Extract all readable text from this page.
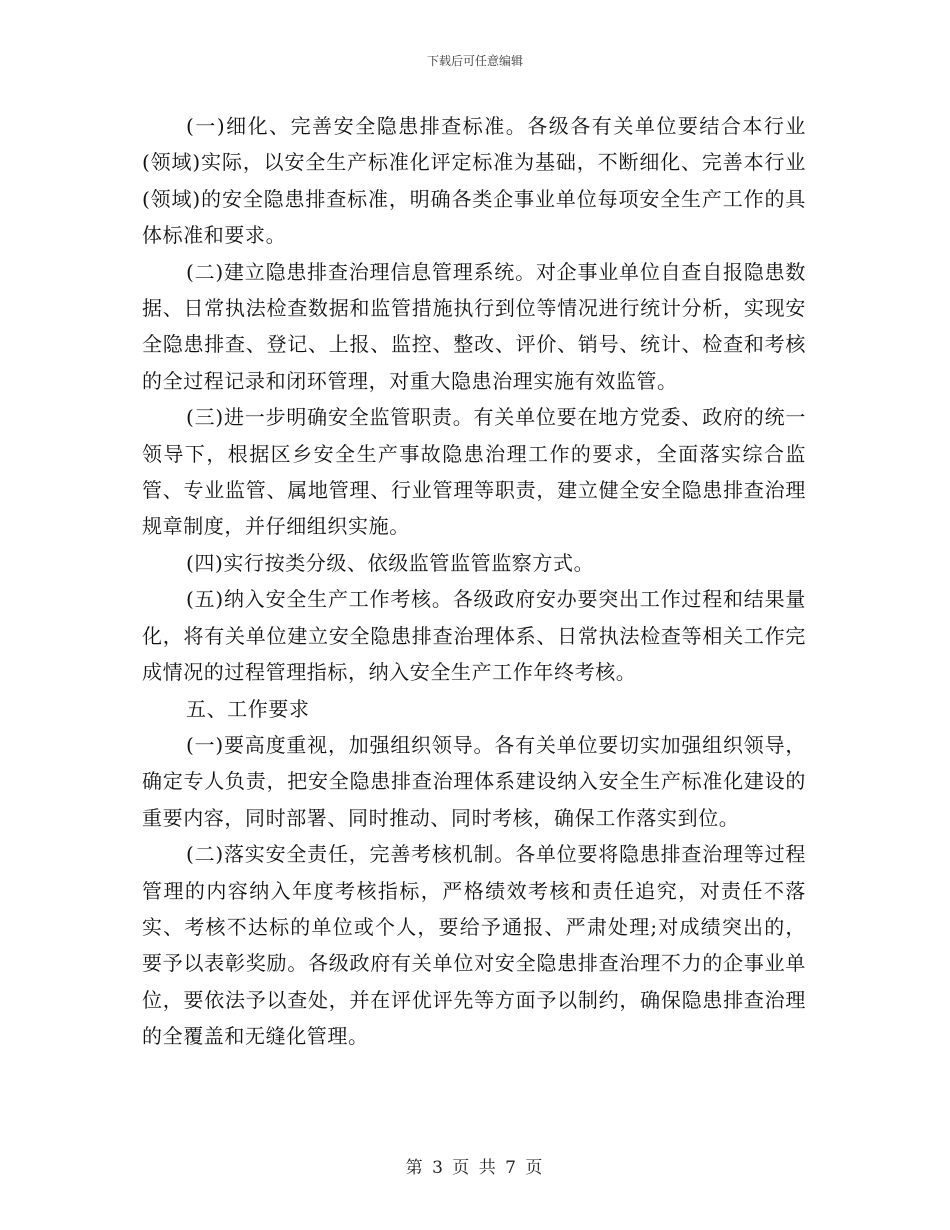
下载后可任意编辑

(一)细化、完善安全隐患排查标准。各级各有关单位要结合本行业(领域)实际，以安全生产标准化评定标准为基础，不断细化、完善本行业(领域)的安全隐患排查标准，明确各类企事业单位每项安全生产工作的具体标准和要求。

(二)建立隐患排查治理信息管理系统。对企事业单位自查自报隐患数据、日常执法检查数据和监管措施执行到位等情况进行统计分析，实现安全隐患排查、登记、上报、监控、整改、评价、销号、统计、检查和考核的全过程记录和闭环管理，对重大隐患治理实施有效监管。

(三)进一步明确安全监管职责。有关单位要在地方党委、政府的统一领导下，根据区乡安全生产事故隐患治理工作的要求，全面落实综合监管、专业监管、属地管理、行业管理等职责，建立健全安全隐患排查治理规章制度，并仔细组织实施。

(四)实行按类分级、依级监管监管监察方式。

(五)纳入安全生产工作考核。各级政府安办要突出工作过程和结果量化，将有关单位建立安全隐患排查治理体系、日常执法检查等相关工作完成情况的过程管理指标，纳入安全生产工作年终考核。

五、工作要求

(一)要高度重视，加强组织领导。各有关单位要切实加强组织领导，确定专人负责，把安全隐患排查治理体系建设纳入安全生产标准化建设的重要内容，同时部署、同时推动、同时考核，确保工作落实到位。

(二)落实安全责任，完善考核机制。各单位要将隐患排查治理等过程管理的内容纳入年度考核指标，严格绩效考核和责任追究，对责任不落实、考核不达标的单位或个人，要给予通报、严肃处理;对成绩突出的，要予以表彰奖励。各级政府有关单位对安全隐患排查治理不力的企事业单位，要依法予以查处，并在评优评先等方面予以制约，确保隐患排查治理的全覆盖和无缝化管理。

第 3 页 共 7 页
